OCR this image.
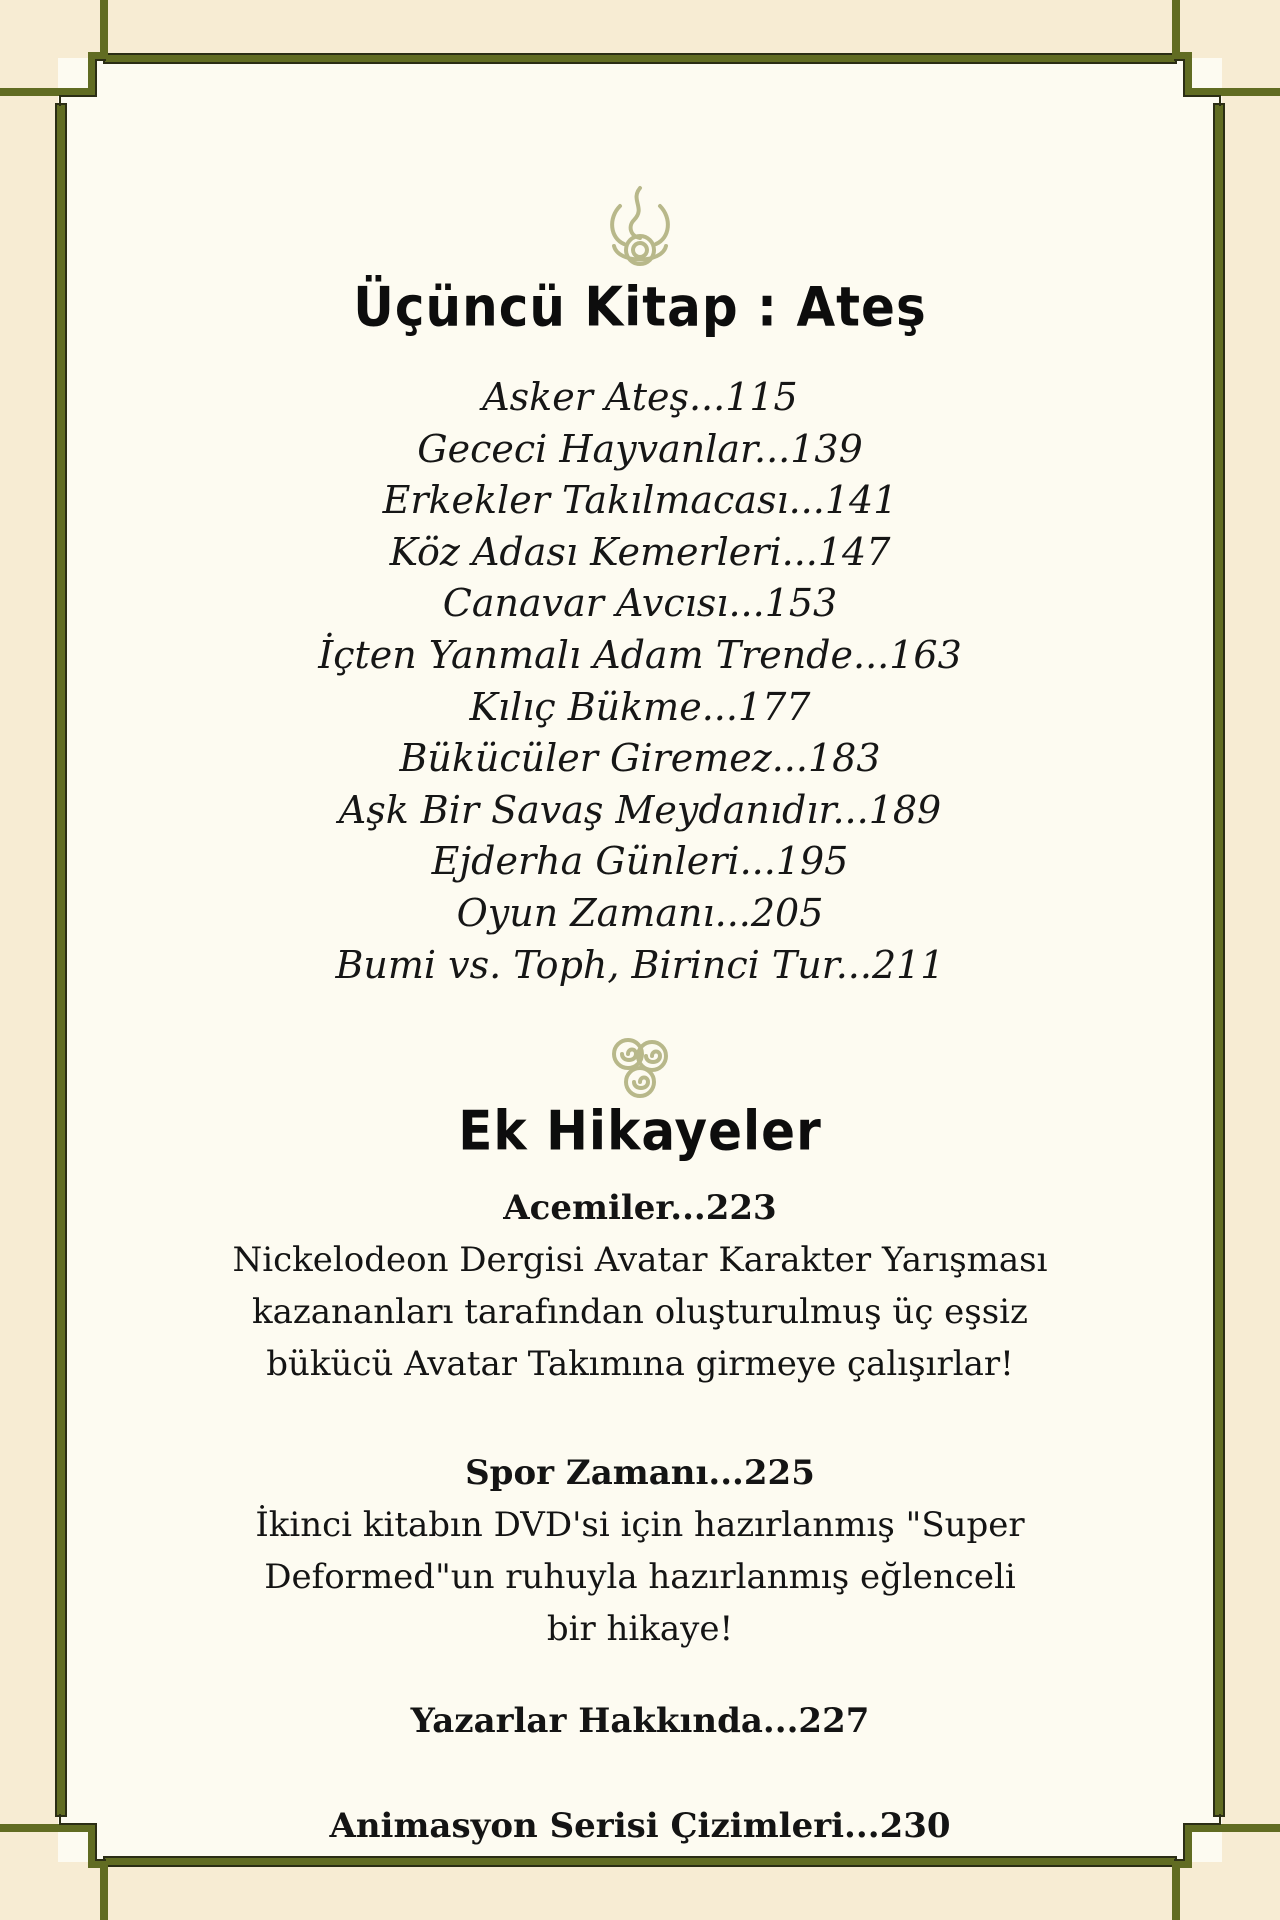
Üçüncü Kitap : Ateş
Asker Ateş...115
Gececi Hayvanlar...139
Erkekler Takılmacası...141
Köz Adası Kemerleri...147
Canavar Avcısı...153
İçten Yanmalı Adam Trende...163
Kılıç Bükme...177
Bükücüler Giremez...183
Aşk Bir Savaş Meydanıdır...189
Ejderha Günleri...195
Oyun Zamanı...205
Bumi vs. Toph, Birinci Tur...211
Ek Hikayeler
Acemiler...223

Nickelodeon Dergisi Avatar Karakter Yarışması
kazananları tarafından oluşturulmuş üç eşsiz
bükücü Avatar Takımına girmeye çalışırlar!

Spor Zamanı...225

İkinci kitabın DVD'si için hazırlanmış "Super
Deformed"un ruhuyla hazırlanmış eğlenceli
bir hikaye!

Yazarlar Hakkında...227
Animasyon Serisi Çizimleri...230
